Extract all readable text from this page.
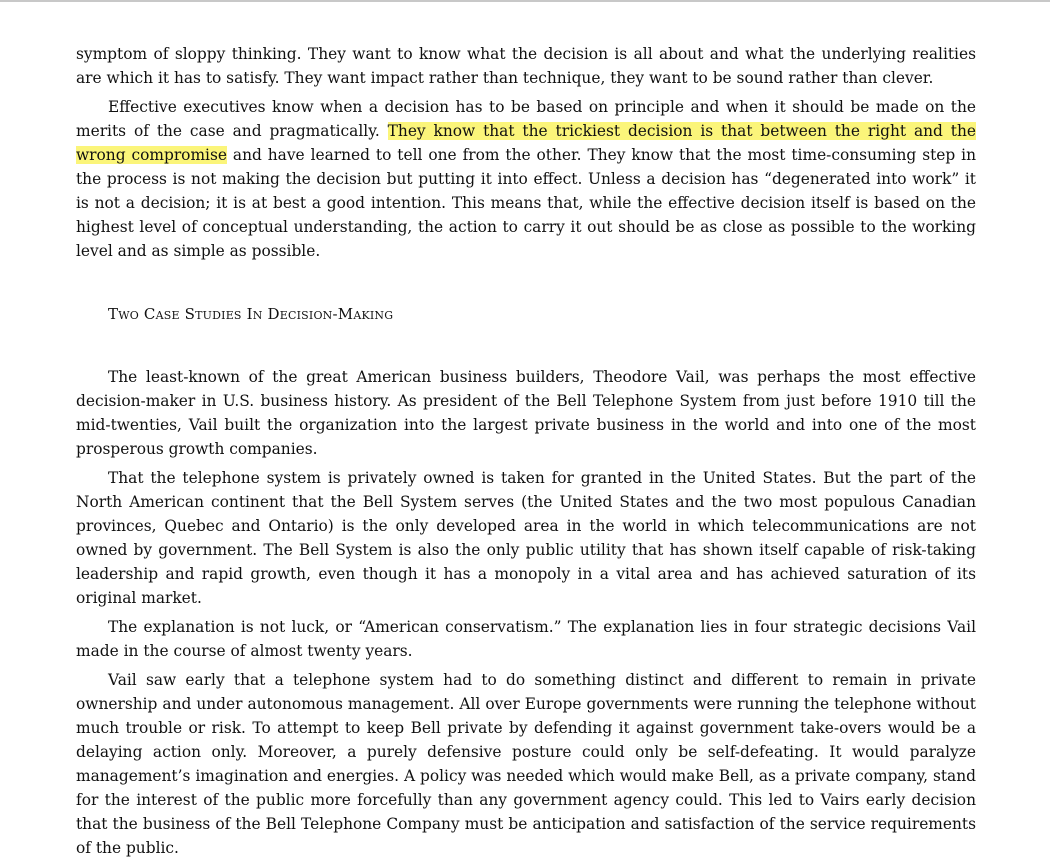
symptom of sloppy thinking. They want to know what the decision is all about and what the underlying realities are which it has to satisfy. They want impact rather than technique, they want to be sound rather than clever.

Effective executives know when a decision has to be based on principle and when it should be made on the merits of the case and pragmatically. They know that the trickiest decision is that between the right and the wrong compromise and have learned to tell one from the other. They know that the most time-consuming step in the process is not making the decision but putting it into effect. Unless a decision has “degenerated into work” it is not a decision; it is at best a good intention. This means that, while the effective decision itself is based on the highest level of conceptual understanding, the action to carry it out should be as close as possible to the working level and as simple as possible.

Two Case Studies In Decision-Making

The least-known of the great American business builders, Theodore Vail, was perhaps the most effective decision-maker in U.S. business history. As president of the Bell Telephone System from just before 1910 till the mid-twenties, Vail built the organization into the largest private business in the world and into one of the most prosperous growth companies.

That the telephone system is privately owned is taken for granted in the United States. But the part of the North American continent that the Bell System serves (the United States and the two most populous Canadian provinces, Quebec and Ontario) is the only developed area in the world in which telecommunications are not owned by government. The Bell System is also the only public utility that has shown itself capable of risk-taking leadership and rapid growth, even though it has a monopoly in a vital area and has achieved saturation of its original market.

The explanation is not luck, or “American conservatism.” The explanation lies in four strategic decisions Vail made in the course of almost twenty years.

Vail saw early that a telephone system had to do something distinct and different to remain in private ownership and under autonomous management. All over Europe governments were running the telephone without much trouble or risk. To attempt to keep Bell private by defending it against government take-overs would be a delaying action only. Moreover, a purely defensive posture could only be self-defeating. It would paralyze management’s imagination and energies. A policy was needed which would make Bell, as a private company, stand for the interest of the public more forcefully than any government agency could. This led to Vairs early decision that the business of the Bell Telephone Company must be anticipation and satisfaction of the service requirements of the public.
